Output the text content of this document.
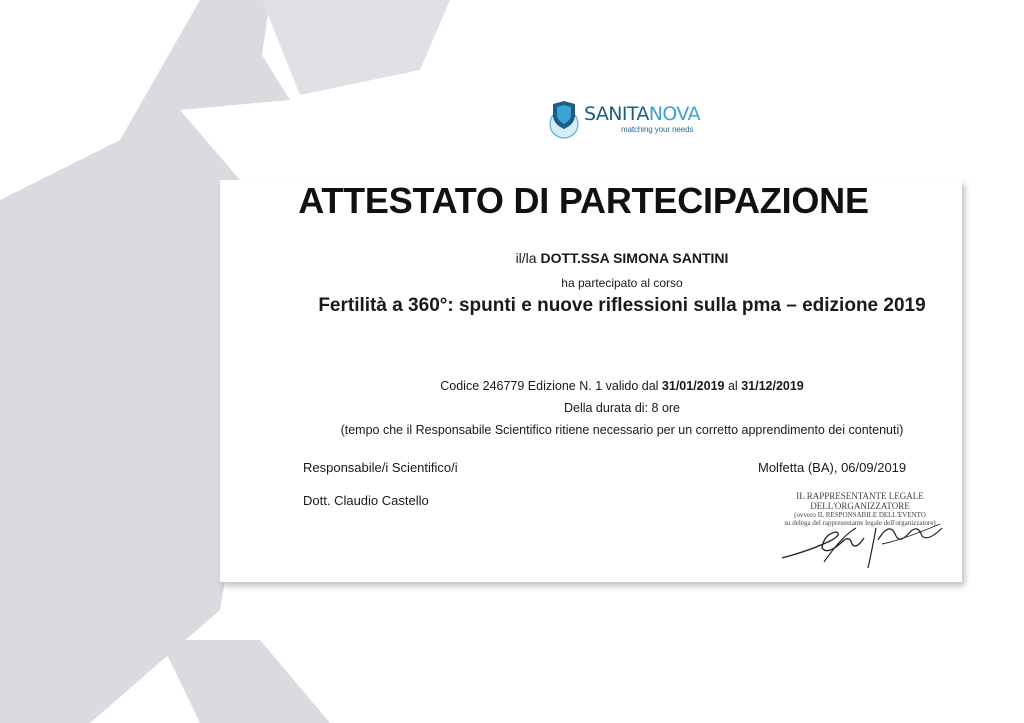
SANITANOVA
matching your needs
ATTESTATO DI PARTECIPAZIONE
il/la DOTT.SSA SIMONA SANTINI
ha partecipato al corso
Fertilità a 360°: spunti e nuove riflessioni sulla pma – edizione 2019
Codice 246779 Edizione N. 1 valido dal 31/01/2019 al 31/12/2019
Della durata di: 8 ore
(tempo che il Responsabile Scientifico ritiene necessario per un corretto apprendimento dei contenuti)
Responsabile/i Scientifico/i
Dott. Claudio Castello
Molfetta (BA), 06/09/2019
IL RAPPRESENTANTE LEGALE
DELL'ORGANIZZATORE
(ovvero IL RESPONSABILE DELL'EVENTO
su delega del rappresentante legale dell'organizzatore)
